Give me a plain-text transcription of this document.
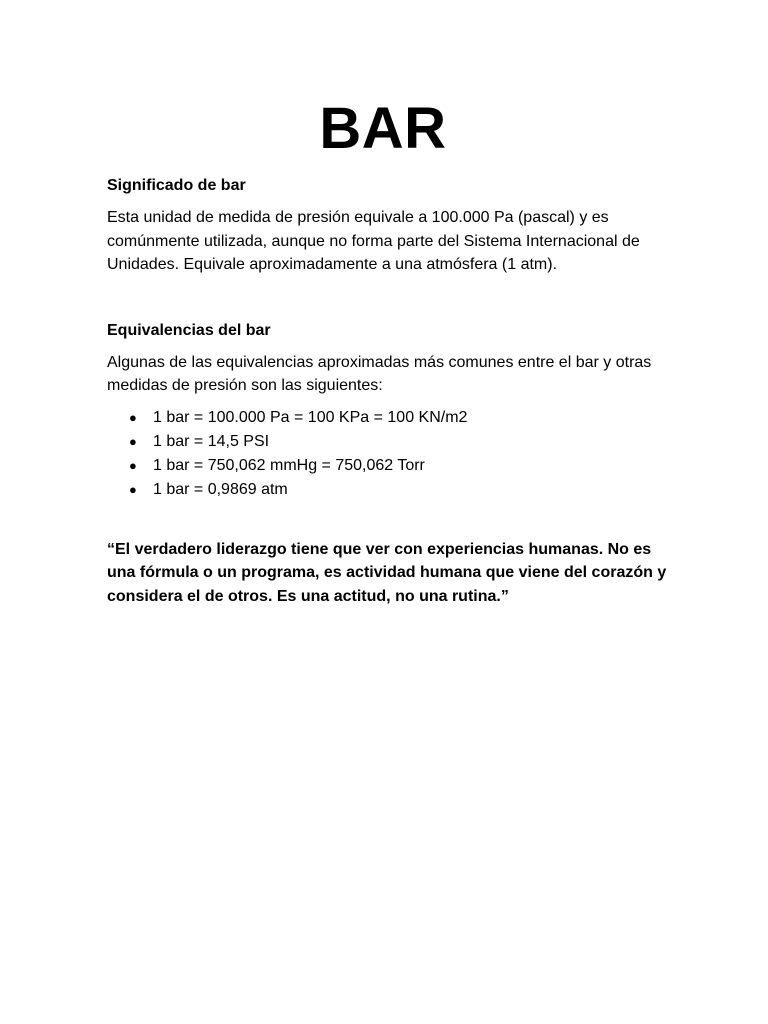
BAR
Significado de bar

Esta unidad de medida de presión equivale a 100.000 Pa (pascal) y es comúnmente utilizada, aunque no forma parte del Sistema Internacional de Unidades. Equivale aproximadamente a una atmósfera (1 atm).

Equivalencias del bar

Algunas de las equivalencias aproximadas más comunes entre el bar y otras medidas de presión son las siguientes:

● 1 bar = 100.000 Pa = 100 KPa = 100 KN/m2
● 1 bar = 14,5 PSI
● 1 bar = 750,062 mmHg = 750,062 Torr
● 1 bar = 0,9869 atm

“El verdadero liderazgo tiene que ver con experiencias humanas. No es una fórmula o un programa, es actividad humana que viene del corazón y considera el de otros. Es una actitud, no una rutina.”
